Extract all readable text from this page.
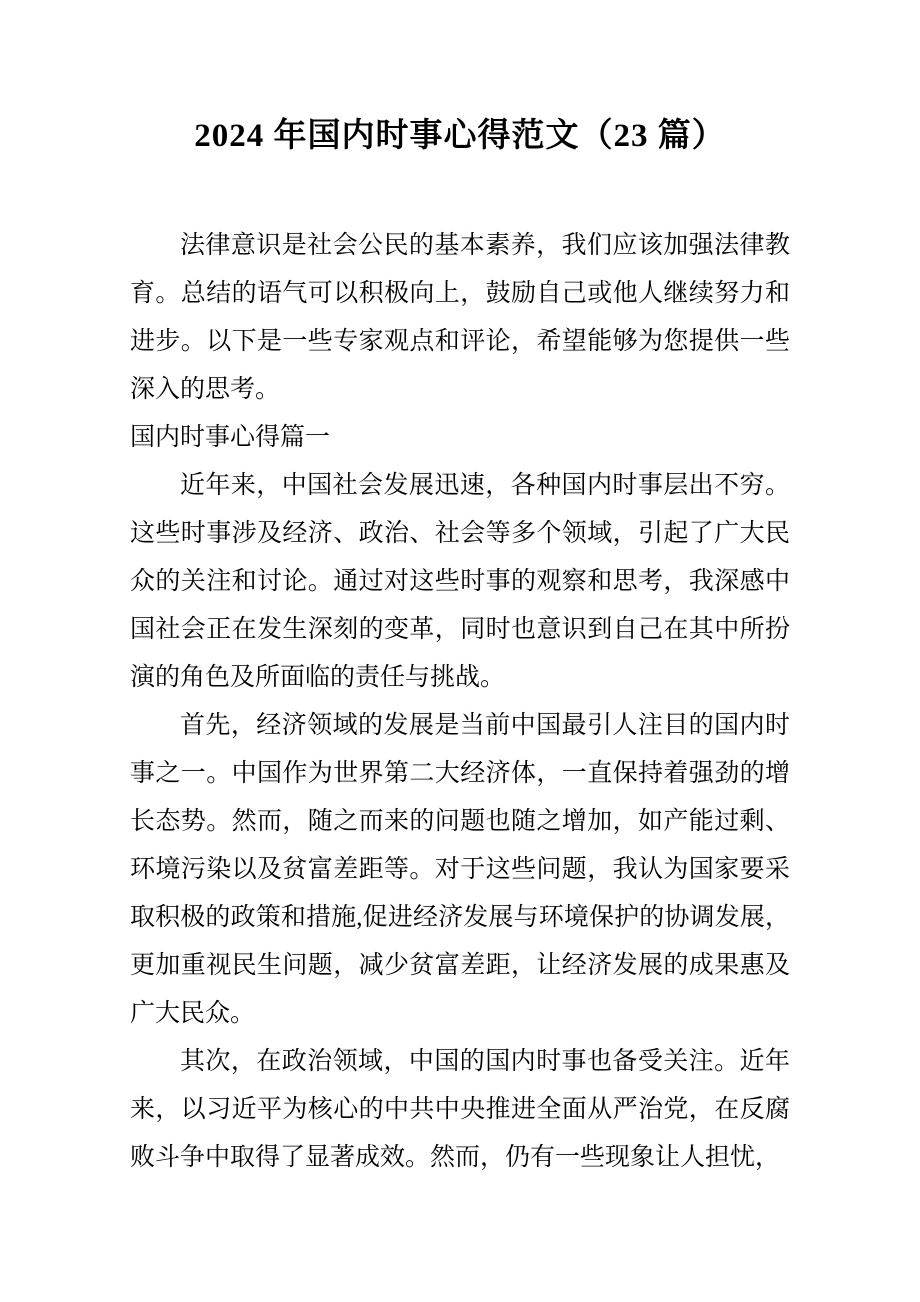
2024 年国内时事心得范文（23 篇）

法律意识是社会公民的基本素养，我们应该加强法律教育。总结的语气可以积极向上，鼓励自己或他人继续努力和进步。以下是一些专家观点和评论，希望能够为您提供一些深入的思考。

国内时事心得篇一

近年来，中国社会发展迅速，各种国内时事层出不穷。这些时事涉及经济、政治、社会等多个领域，引起了广大民众的关注和讨论。通过对这些时事的观察和思考，我深感中国社会正在发生深刻的变革，同时也意识到自己在其中所扮演的角色及所面临的责任与挑战。

首先，经济领域的发展是当前中国最引人注目的国内时事之一。中国作为世界第二大经济体，一直保持着强劲的增长态势。然而，随之而来的问题也随之增加，如产能过剩、环境污染以及贫富差距等。对于这些问题，我认为国家要采取积极的政策和措施,促进经济发展与环境保护的协调发展，更加重视民生问题，减少贫富差距，让经济发展的成果惠及广大民众。

其次，在政治领域，中国的国内时事也备受关注。近年来，以习近平为核心的中共中央推进全面从严治党，在反腐败斗争中取得了显著成效。然而，仍有一些现象让人担忧，
